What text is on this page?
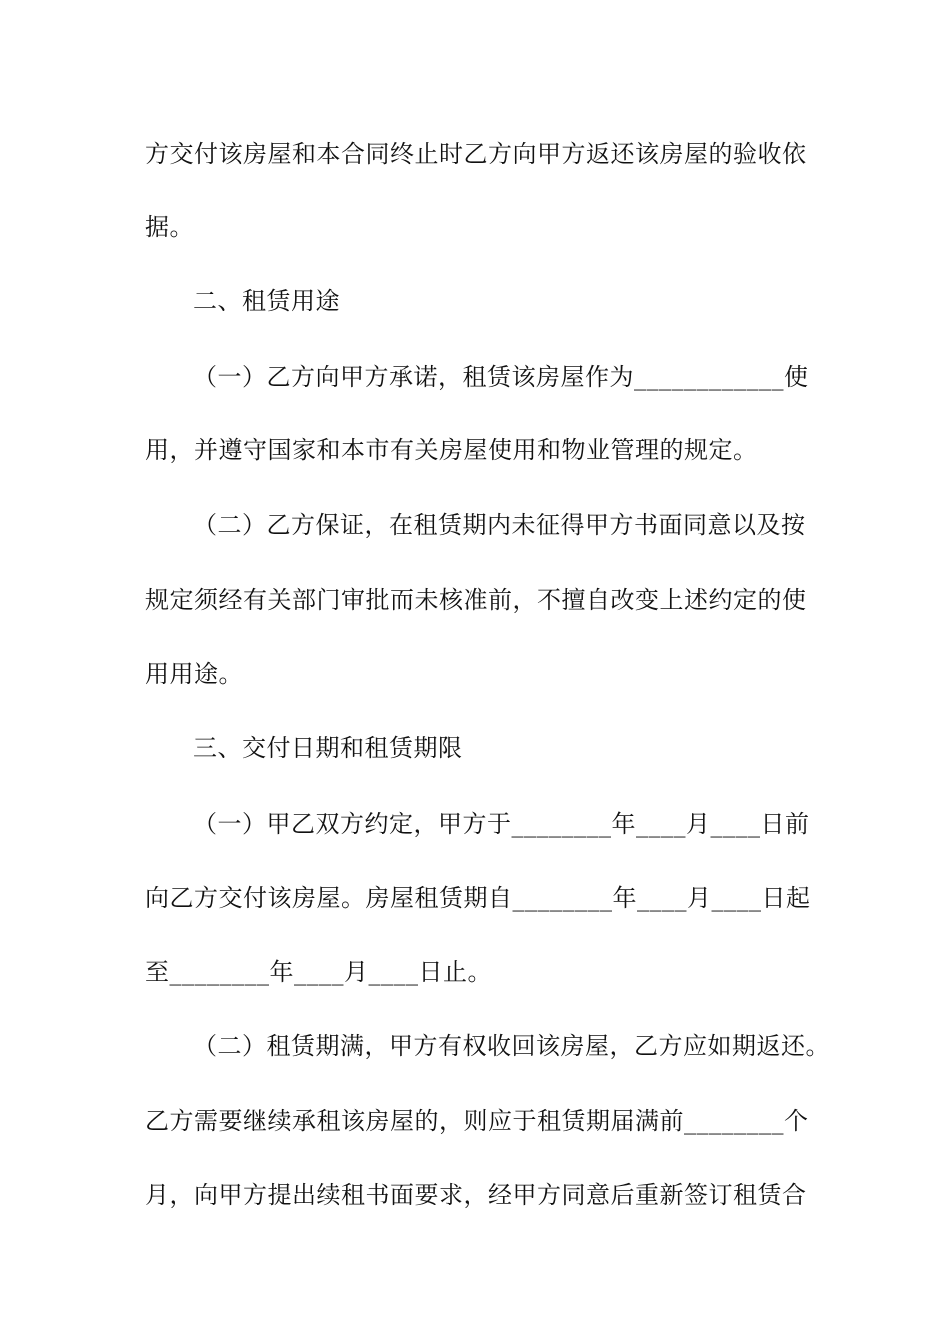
方交付该房屋和本合同终止时乙方向甲方返还该房屋的验收依
据。
二、租赁用途
（一）乙方向甲方承诺，租赁该房屋作为____________使
用，并遵守国家和本市有关房屋使用和物业管理的规定。
（二）乙方保证，在租赁期内未征得甲方书面同意以及按
规定须经有关部门审批而未核准前，不擅自改变上述约定的使
用用途。
三、交付日期和租赁期限
（一）甲乙双方约定，甲方于________年____月____日前
向乙方交付该房屋。房屋租赁期自________年____月____日起
至________年____月____日止。
（二）租赁期满，甲方有权收回该房屋，乙方应如期返还。
乙方需要继续承租该房屋的，则应于租赁期届满前________个
月，向甲方提出续租书面要求，经甲方同意后重新签订租赁合
